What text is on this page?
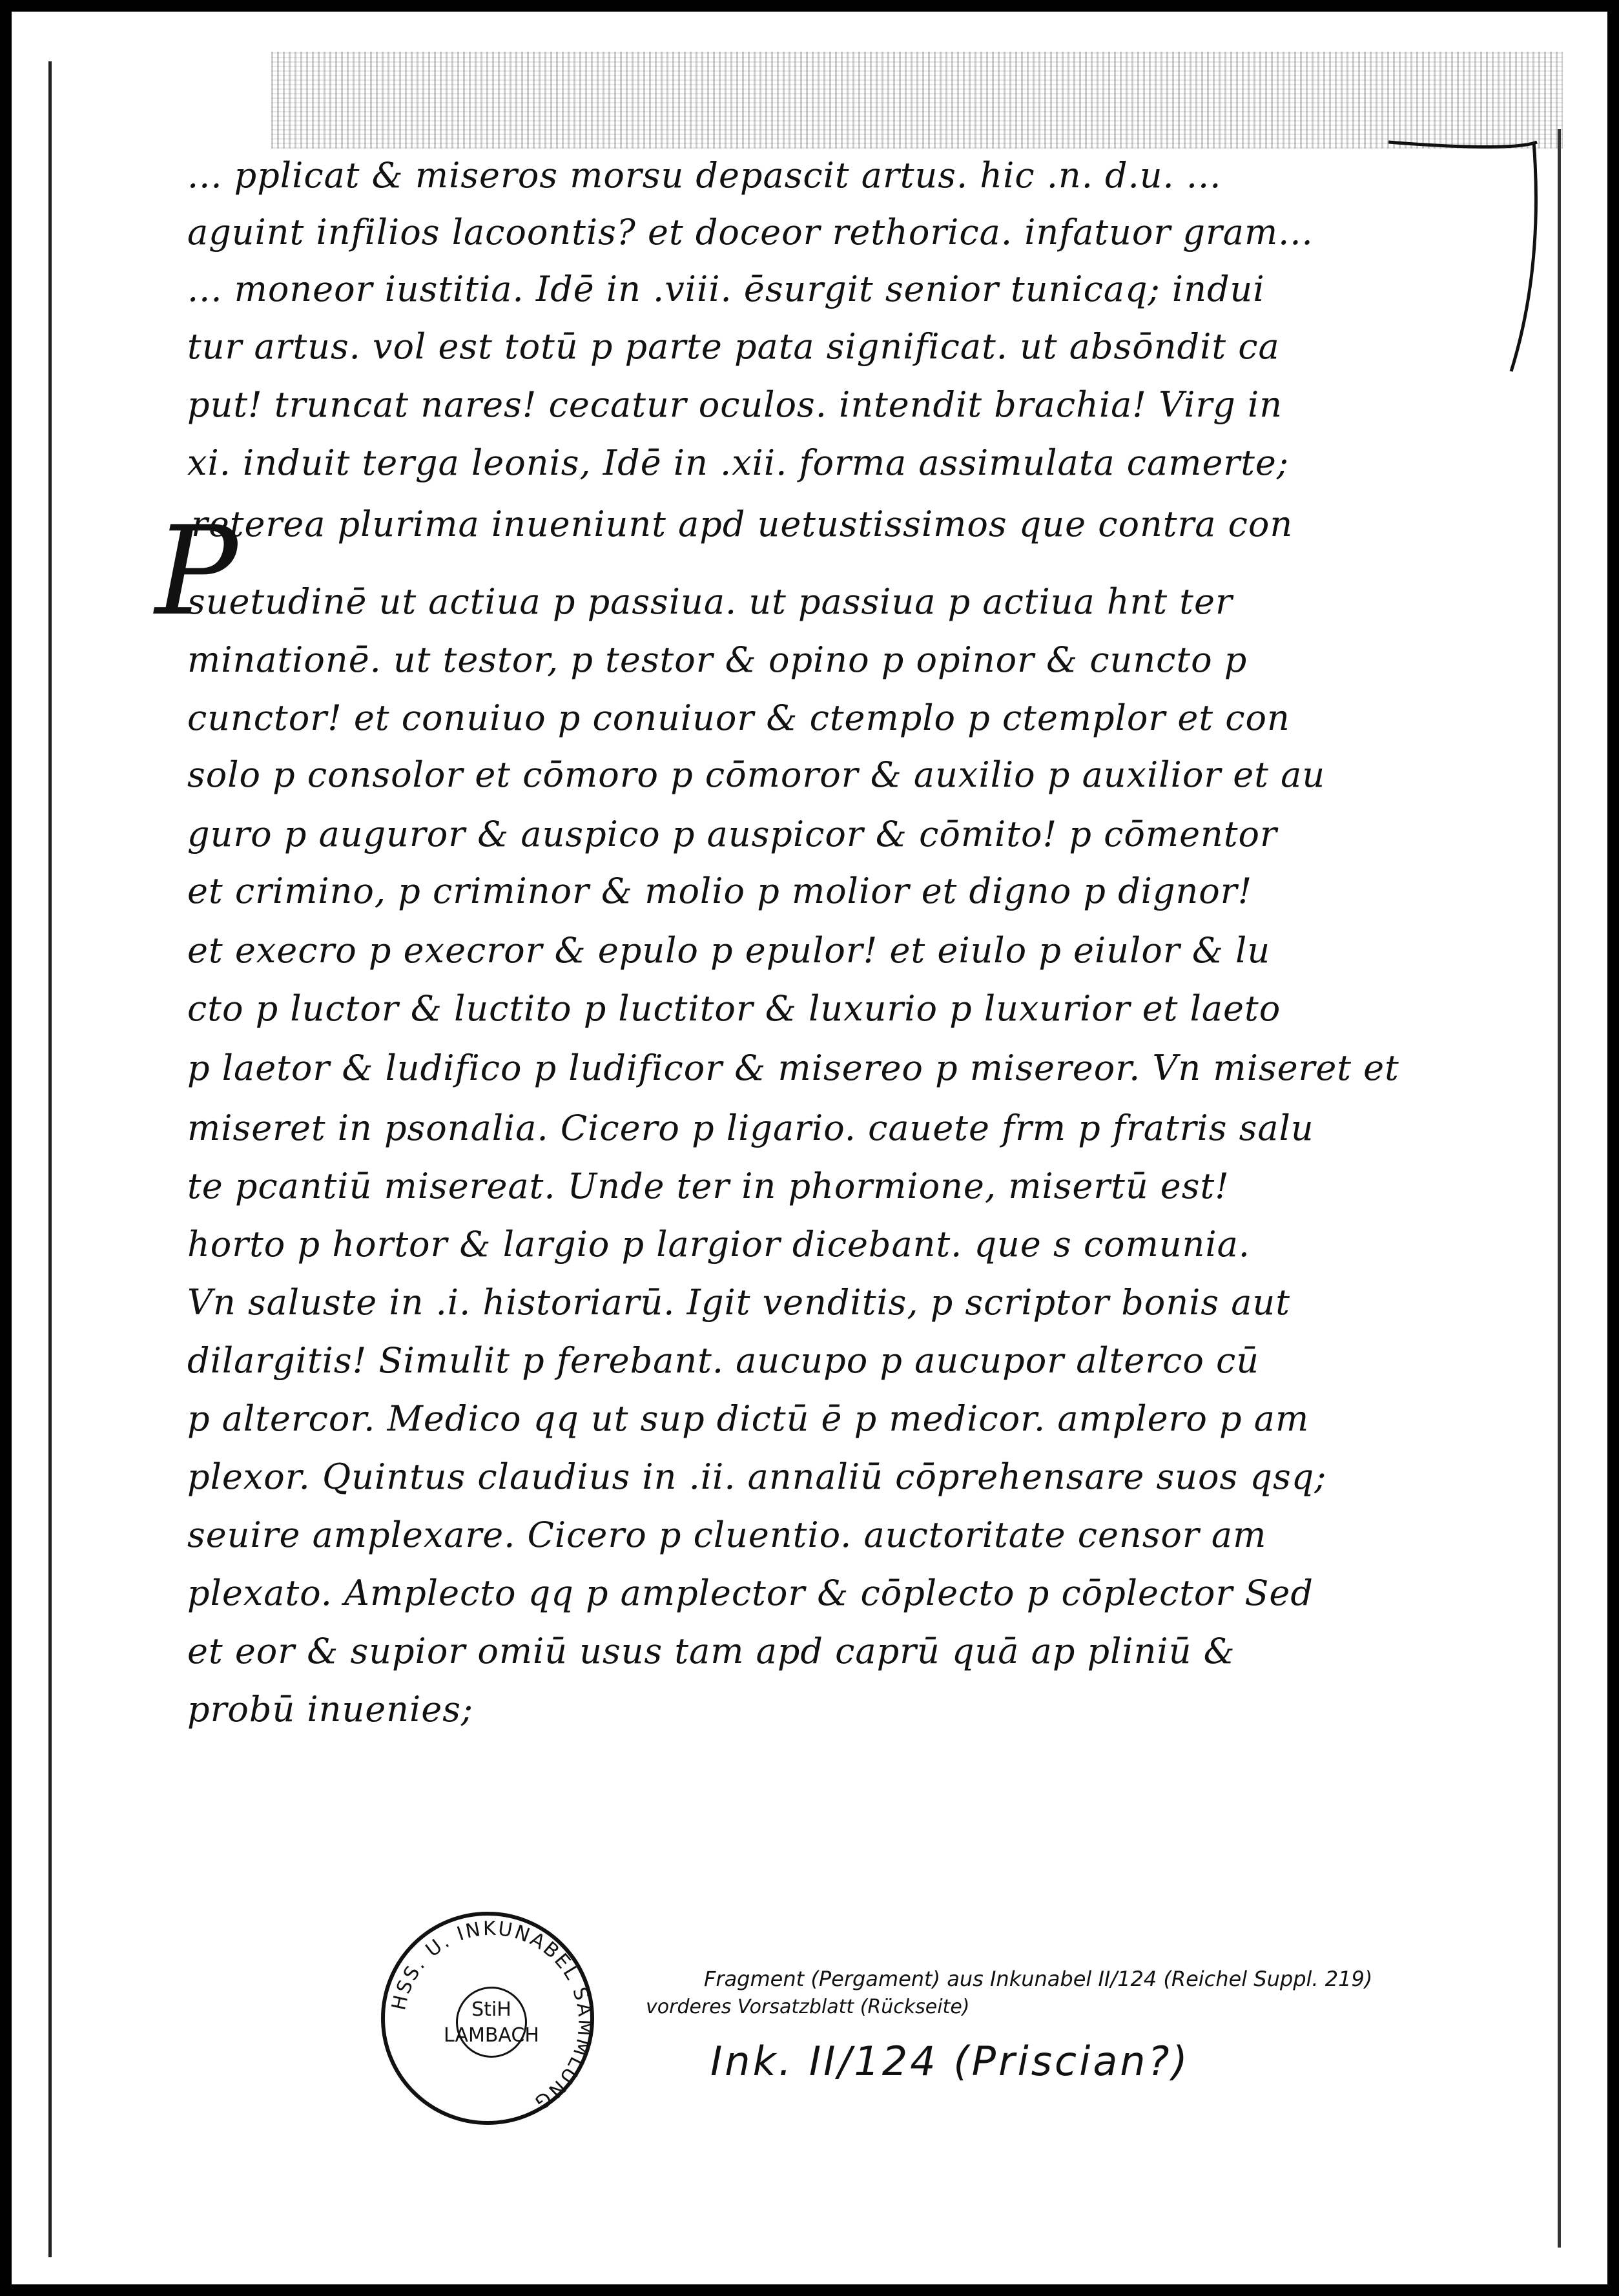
P
... pplicat & miseros morsu depascit artus. hic .n. d.u. ...
aguint infilios lacoontis? et doceor rethorica. infatuor gram...
... moneor iustitia. Idē in .viii. ēsurgit senior tunicaq; indui
tur artus. vol est totū p parte pata significat. ut absōndit ca
put! truncat nares! cecatur oculos. intendit brachia! Virg in
xi. induit terga leonis, Idē in .xii. forma assimulata camerte;
reterea plurima inueniunt apd uetustissimos que contra con
suetudinē ut actiua p passiua. ut passiua p actiua hnt ter
minationē. ut testor, p testor & opino p opinor & cuncto p
cunctor! et conuiuo p conuiuor & ctemplo p ctemplor et con
solo p consolor et cōmoro p cōmoror & auxilio p auxilior et au
guro p auguror & auspico p auspicor & cōmito! p cōmentor
et crimino, p criminor & molio p molior et digno p dignor!
et execro p execror & epulo p epulor! et eiulo p eiulor & lu
cto p luctor & luctito p luctitor & luxurio p luxurior et laeto
p laetor & ludifico p ludificor & misereo p misereor. Vn miseret et
miseret in psonalia. Cicero p ligario. cauete frm p fratris salu
te pcantiū misereat. Unde ter in phormione, misertū est!
horto p hortor & largio p largior dicebant. que s comunia.
Vn saluste in .i. historiarū. Igit venditis, p scriptor bonis aut
dilargitis! Simulit p ferebant. aucupo p aucupor alterco cū
p altercor. Medico qq ut sup dictū ē p medicor. amplero p am
plexor. Quintus claudius in .ii. annaliū cōprehensare suos qsq;
seuire amplexare. Cicero p cluentio. auctoritate censor am
plexato. Amplecto qq p amplector & cōplecto p cōplector Sed
et eor & supior omiū usus tam apd caprū quā ap pliniū &
probū inuenies;
HSS. U. INKUNABEL SAMMLUNG
StiH
LAMBACH
Fragment (Pergament) aus Inkunabel II/124 (Reichel Suppl. 219)
vorderes Vorsatzblatt (Rückseite)
Ink. II/124 (Priscian?)
